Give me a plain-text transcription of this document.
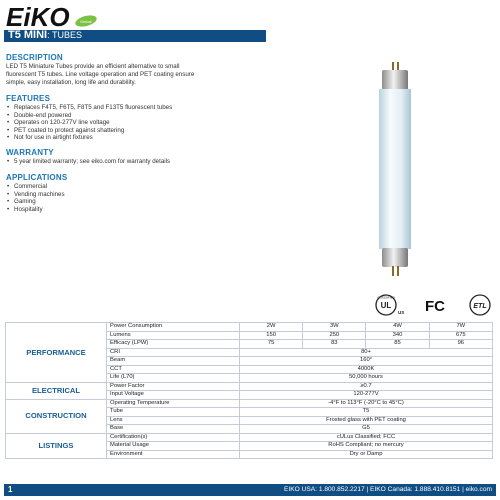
EiKO	Global
T5 MINI: TUBES
DESCRIPTION
LED T5 Miniature Tubes provide an efficient alternative to small
fluorescent T5 tubes. Line voltage operation and PET coating ensure
simple, easy installation, long life and durability.
FEATURES
• Replaces F4T5, F6T5, F8T5 and F13T5 fluorescent tubes
• Double-end powered
• Operates on 120-277V line voltage
• PET coated to protect against shattering
• Not for use in airtight fixtures
WARRANTY
• 5 year limited warranty; see eiko.com for warranty details
APPLICATIONS
• Commercial
• Vending machines
• Gaming
• Hospitality
CLASSIFIED
UL
US FC	ETL
PERFORMANCE	Power Consumption	2W	3W	4W	7W
	Lumens	150	250	340	675
	Efficacy (LPW)	75	83	85	96
	CRI	80+			
	Beam	160°			
	CCT	4000K			
	Life (L70)	50,000 hours			
ELECTRICAL	Power Factor	≥0.7			
	Input Voltage	120-277V			
CONSTRUCTION	Operating Temperature	-4°F to 113°F (-20°C to 45°C)			
	Tube	T5			
	Lens	Frosted glass with PET coating			
	Base	G5			
LISTINGS	Certification(s)	cULus Classified; FCC			
	Material Usage	RoHS Compliant; no mercury			
	Environment	Dry or Damp			
1	EIKO USA: 1.800.852.2217 | EIKO Canada: 1.888.410.8151 | eiko.com
